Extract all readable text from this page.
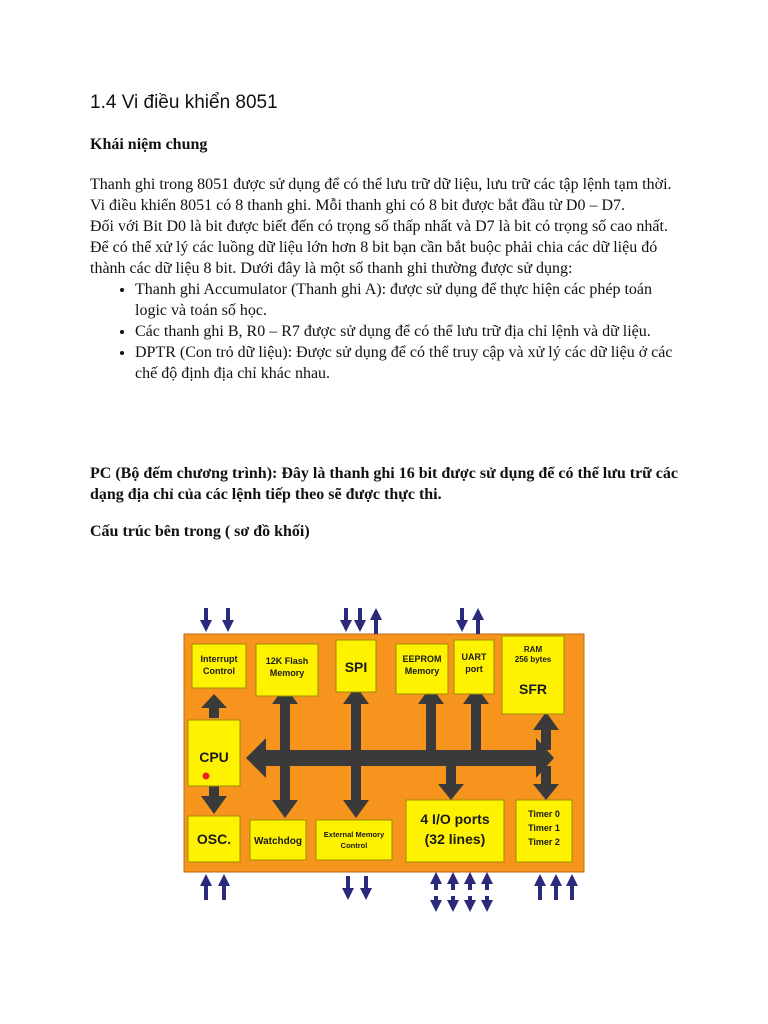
1.4 Vi điều khiển 8051
Khái niệm chung

Thanh ghi trong 8051 được sử dụng để có thể lưu trữ dữ liệu, lưu trữ các tập lệnh tạm thời. Vi điều khiển 8051 có 8 thanh ghi. Mỗi thanh ghi có 8 bit được bắt đầu từ D0 – D7.

Đối với Bit D0 là bit được biết đến có trọng số thấp nhất và D7 là bit có trọng số cao nhất. Để có thể xử lý các luồng dữ liệu lớn hơn 8 bit bạn cần bắt buộc phải chia các dữ liệu đó thành các dữ liệu 8 bit. Dưới đây là một số thanh ghi thường được sử dụng:

• Thanh ghi Accumulator (Thanh ghi A): được sử dụng để thực hiện các phép toán logic và toán số học.
• Các thanh ghi B, R0 – R7 được sử dụng để có thể lưu trữ địa chỉ lệnh và dữ liệu.
• DPTR (Con trỏ dữ liệu): Được sử dụng để có thể truy cập và xử lý các dữ liệu ở các chế độ định địa chỉ khác nhau.

PC (Bộ đếm chương trình): Đây là thanh ghi 16 bit được sử dụng để có thể lưu trữ các dạng địa chỉ của các lệnh tiếp theo sẽ được thực thi.

Cấu trúc bên trong ( sơ đồ khối)
Interrupt
Control
12K Flash
Memory	SPI	EEPROM
Memory
UART
port
RAM
256 bytes
SFR
CPU
OSC. Watchdog
External Memory
Control
4 I/O ports
(32 lines)
Timer 0
Timer 1
Timer 2
